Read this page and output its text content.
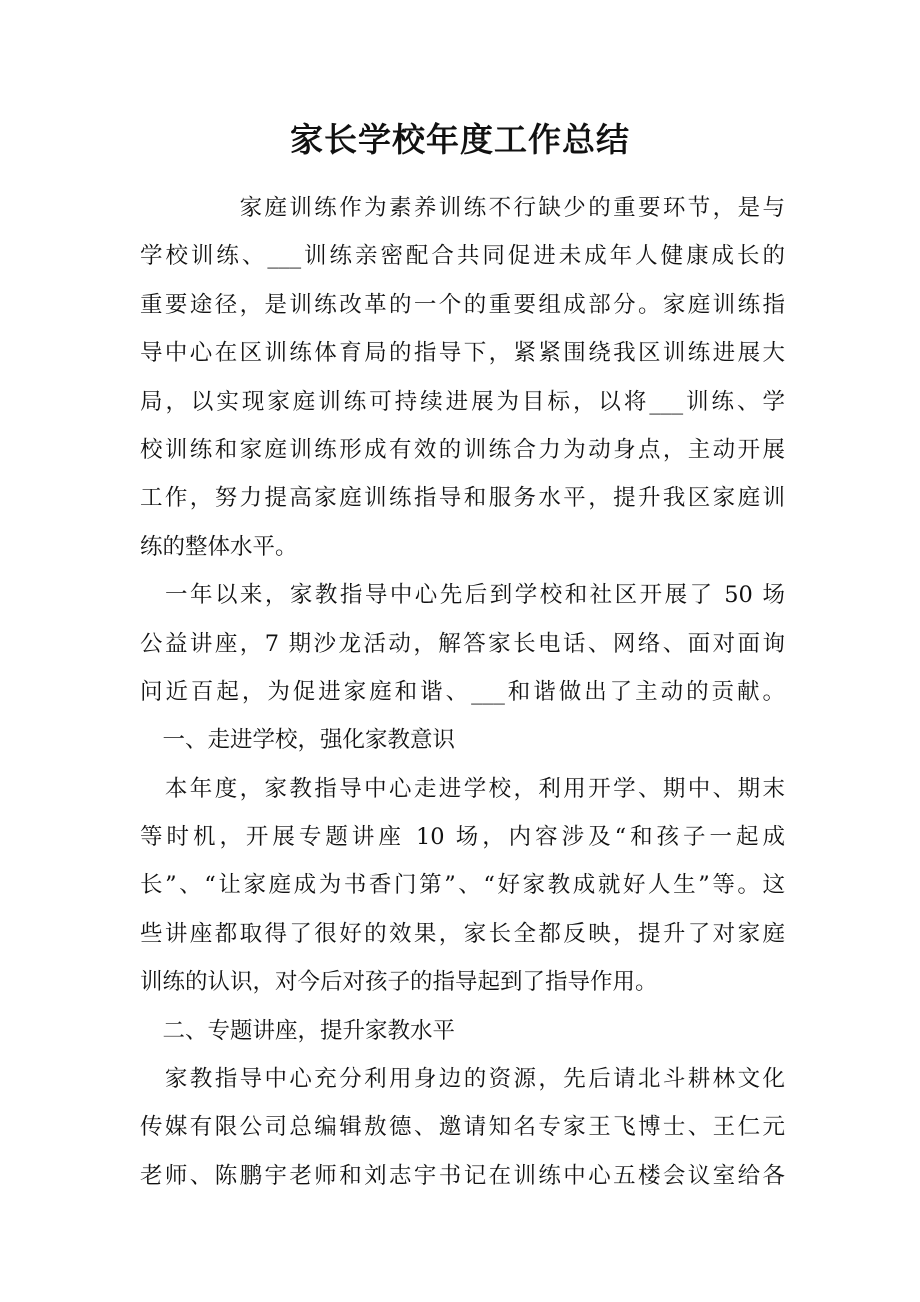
家长学校年度工作总结
　　　　家庭训练作为素养训练不行缺少的重要环节，是与
学校训练、___训练亲密配合共同促进未成年人健康成长的
重要途径，是训练改革的一个的重要组成部分。家庭训练指
导中心在区训练体育局的指导下，紧紧围绕我区训练进展大
局，以实现家庭训练可持续进展为目标，以将___训练、学
校训练和家庭训练形成有效的训练合力为动身点，主动开展
工作，努力提高家庭训练指导和服务水平，提升我区家庭训
练的整体水平。
　一年以来，家教指导中心先后到学校和社区开展了 50 场
公益讲座，7 期沙龙活动，解答家长电话、网络、面对面询
问近百起，为促进家庭和谐、___和谐做出了主动的贡献。
　一、走进学校，强化家教意识
　本年度，家教指导中心走进学校，利用开学、期中、期末
等时机，开展专题讲座 10 场，内容涉及“和孩子一起成
长”、“让家庭成为书香门第”、“好家教成就好人生”等。这
些讲座都取得了很好的效果，家长全都反映，提升了对家庭
训练的认识，对今后对孩子的指导起到了指导作用。
　二、专题讲座，提升家教水平
　家教指导中心充分利用身边的资源，先后请北斗耕林文化
传媒有限公司总编辑敖德、邀请知名专家王飞博士、王仁元
老师、陈鹏宇老师和刘志宇书记在训练中心五楼会议室给各
